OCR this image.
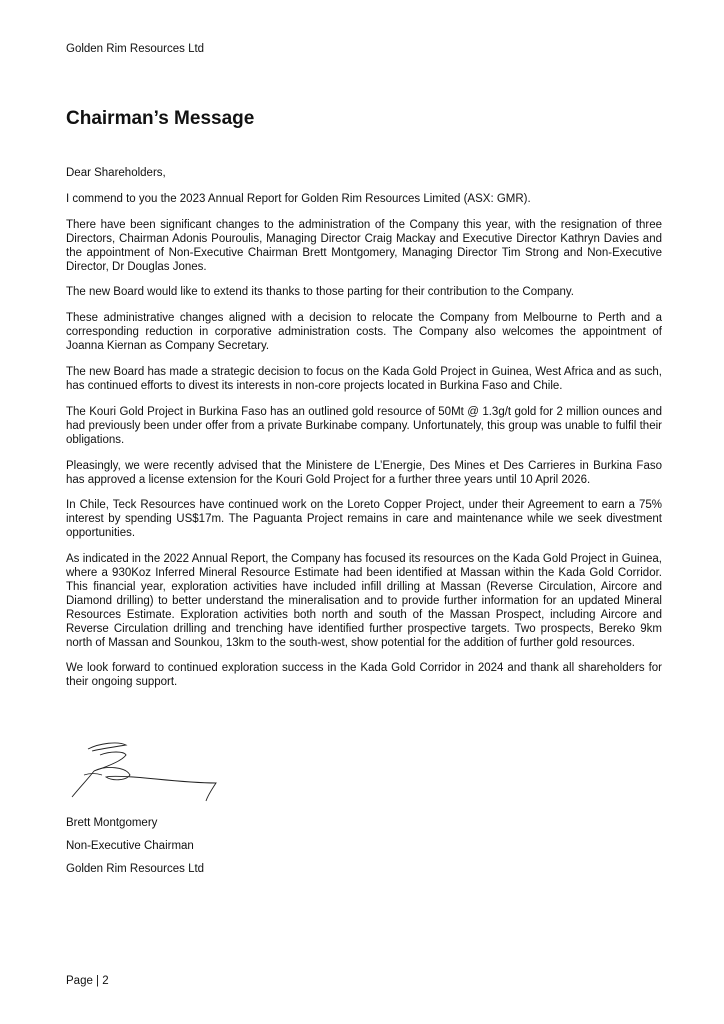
Golden Rim Resources Ltd
Chairman’s Message

Dear Shareholders,

I commend to you the 2023 Annual Report for Golden Rim Resources Limited (ASX: GMR).

There have been significant changes to the administration of the Company this year, with the resignation of three Directors, Chairman Adonis Pouroulis, Managing Director Craig Mackay and Executive Director Kathryn Davies and the appointment of Non-Executive Chairman Brett Montgomery, Managing Director Tim Strong and Non-Executive Director, Dr Douglas Jones.

The new Board would like to extend its thanks to those parting for their contribution to the Company.

These administrative changes aligned with a decision to relocate the Company from Melbourne to Perth and a corresponding reduction in corporative administration costs. The Company also welcomes the appointment of Joanna Kiernan as Company Secretary.

The new Board has made a strategic decision to focus on the Kada Gold Project in Guinea, West Africa and as such, has continued efforts to divest its interests in non-core projects located in Burkina Faso and Chile.

The Kouri Gold Project in Burkina Faso has an outlined gold resource of 50Mt @ 1.3g/t gold for 2 million ounces and had previously been under offer from a private Burkinabe company. Unfortunately, this group was unable to fulfil their obligations.

Pleasingly, we were recently advised that the Ministere de L’Energie, Des Mines et Des Carrieres in Burkina Faso has approved a license extension for the Kouri Gold Project for a further three years until 10 April 2026.

In Chile, Teck Resources have continued work on the Loreto Copper Project, under their Agreement to earn a 75% interest by spending US$17m. The Paguanta Project remains in care and maintenance while we seek divestment opportunities.

As indicated in the 2022 Annual Report, the Company has focused its resources on the Kada Gold Project in Guinea, where a 930Koz Inferred Mineral Resource Estimate had been identified at Massan within the Kada Gold Corridor. This financial year, exploration activities have included infill drilling at Massan (Reverse Circulation, Aircore and Diamond drilling) to better understand the mineralisation and to provide further information for an updated Mineral Resources Estimate. Exploration activities both north and south of the Massan Prospect, including Aircore and Reverse Circulation drilling and trenching have identified further prospective targets. Two prospects, Bereko 9km north of Massan and Sounkou, 13km to the south-west, show potential for the addition of further gold resources.

We look forward to continued exploration success in the Kada Gold Corridor in 2024 and thank all shareholders for their ongoing support.

Brett Montgomery
Non-Executive Chairman
Golden Rim Resources Ltd
Page | 2
